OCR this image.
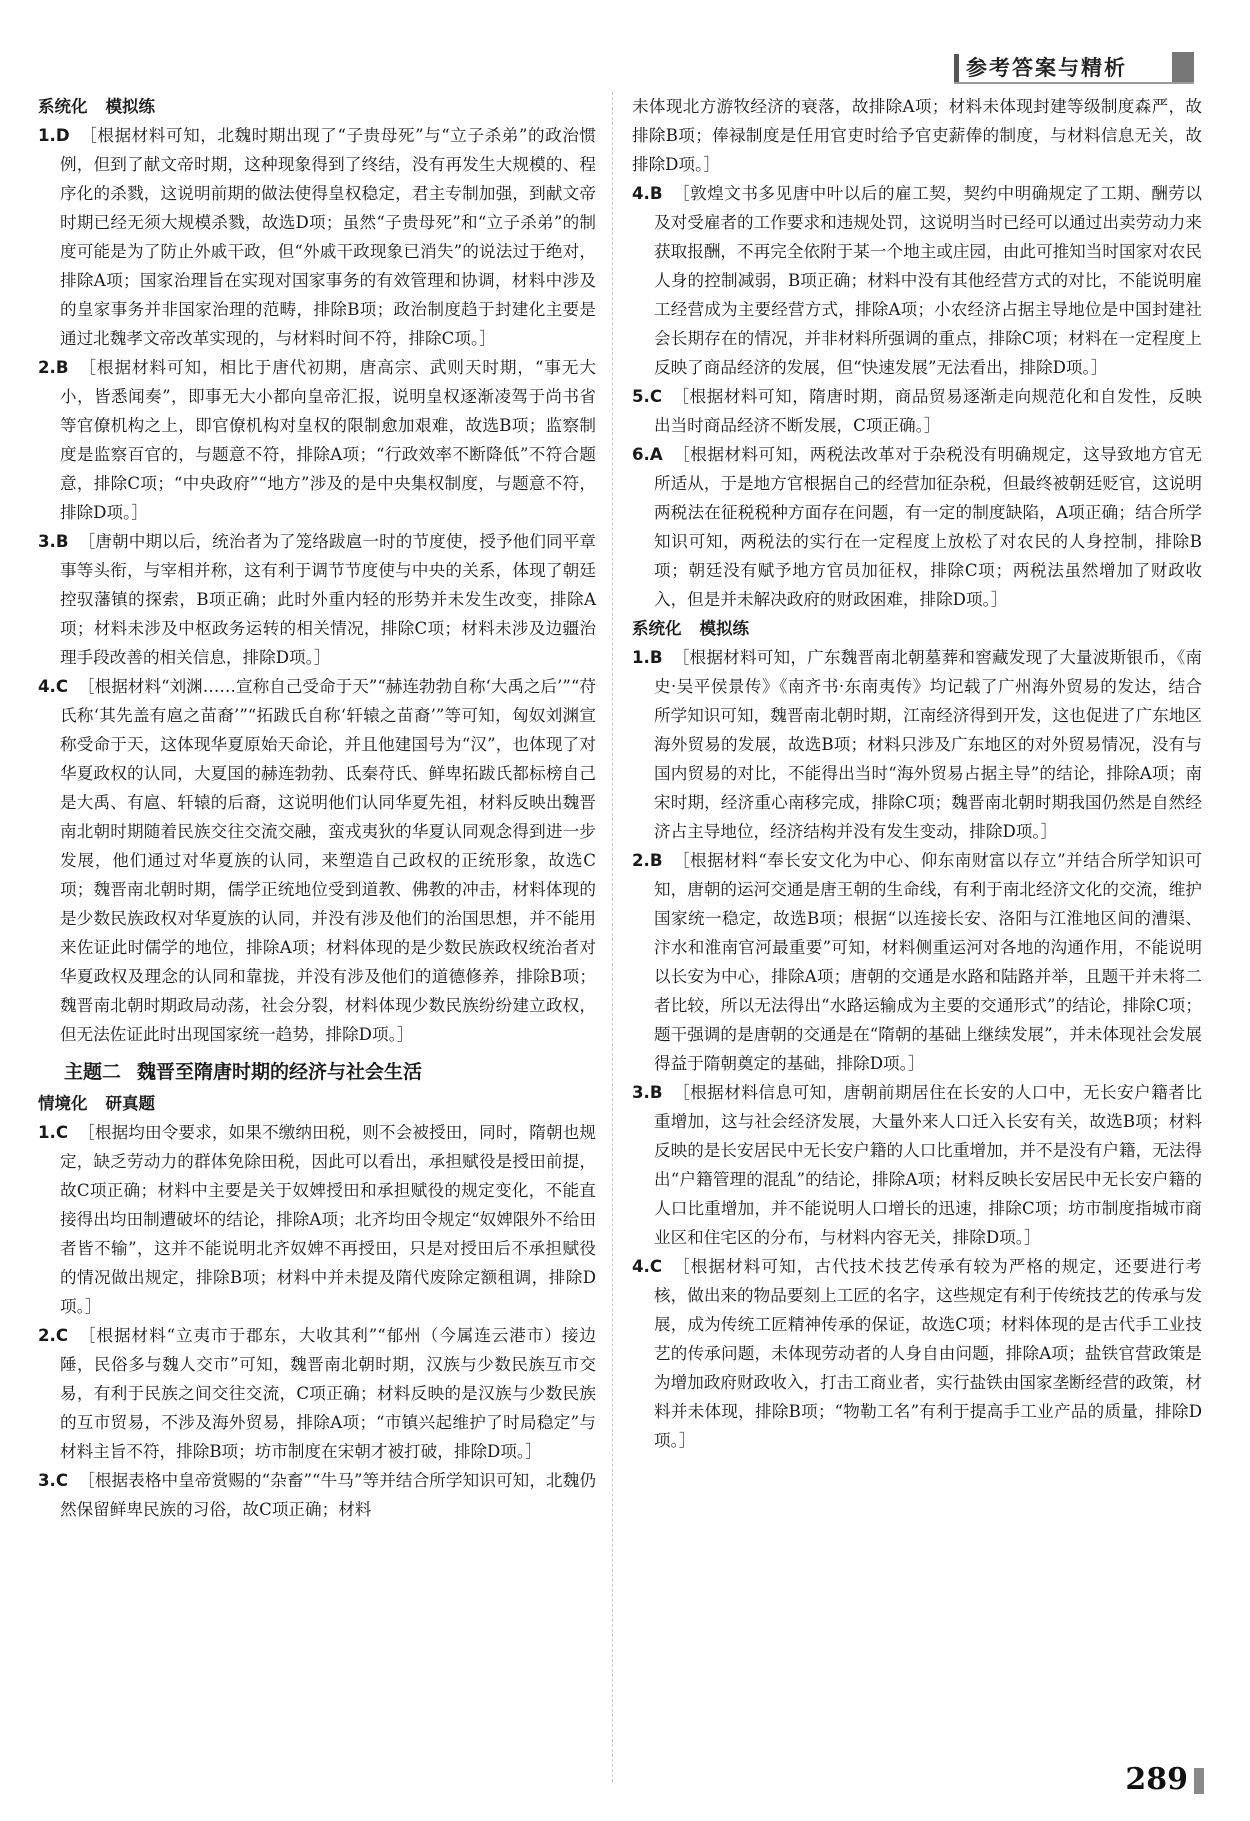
参考答案与精析
系统化 模拟练
1.D ［根据材料可知，北魏时期出现了“子贵母死”与“立子杀弟”的政治惯例，但到了献文帝时期，这种现象得到了终结，没有再发生大规模的、程序化的杀戮，这说明前期的做法使得皇权稳定，君主专制加强，到献文帝时期已经无须大规模杀戮，故选D项；虽然“子贵母死”和“立子杀弟”的制度可能是为了防止外戚干政，但“外戚干政现象已消失”的说法过于绝对，排除A项；国家治理旨在实现对国家事务的有效管理和协调，材料中涉及的皇家事务并非国家治理的范畴，排除B项；政治制度趋于封建化主要是通过北魏孝文帝改革实现的，与材料时间不符，排除C项。］
2.B ［根据材料可知，相比于唐代初期，唐高宗、武则天时期，“事无大小，皆悉闻奏”，即事无大小都向皇帝汇报，说明皇权逐渐凌驾于尚书省等官僚机构之上，即官僚机构对皇权的限制愈加艰难，故选B项；监察制度是监察百官的，与题意不符，排除A项；“行政效率不断降低”不符合题意，排除C项；“中央政府”“地方”涉及的是中央集权制度，与题意不符，排除D项。］
3.B ［唐朝中期以后，统治者为了笼络跋扈一时的节度使，授予他们同平章事等头衔，与宰相并称，这有利于调节节度使与中央的关系，体现了朝廷控驭藩镇的探索，B项正确；此时外重内轻的形势并未发生改变，排除A项；材料未涉及中枢政务运转的相关情况，排除C项；材料未涉及边疆治理手段改善的相关信息，排除D项。］
4.C ［根据材料“刘渊……宣称自己受命于天”“赫连勃勃自称‘大禹之后’”“苻氏称‘其先盖有扈之苗裔’”“拓跋氏自称‘轩辕之苗裔’”等可知，匈奴刘渊宣称受命于天，这体现华夏原始天命论，并且他建国号为“汉”，也体现了对华夏政权的认同，大夏国的赫连勃勃、氐秦苻氏、鲜卑拓跋氏都标榜自己是大禹、有扈、轩辕的后裔，这说明他们认同华夏先祖，材料反映出魏晋南北朝时期随着民族交往交流交融，蛮戎夷狄的华夏认同观念得到进一步发展，他们通过对华夏族的认同，来塑造自己政权的正统形象，故选C项；魏晋南北朝时期，儒学正统地位受到道教、佛教的冲击，材料体现的是少数民族政权对华夏族的认同，并没有涉及他们的治国思想，并不能用来佐证此时儒学的地位，排除A项；材料体现的是少数民族政权统治者对华夏政权及理念的认同和靠拢，并没有涉及他们的道德修养，排除B项；魏晋南北朝时期政局动荡，社会分裂，材料体现少数民族纷纷建立政权，但无法佐证此时出现国家统一趋势，排除D项。］
主题二 魏晋至隋唐时期的经济与社会生活
情境化 研真题
1.C ［根据均田令要求，如果不缴纳田税，则不会被授田，同时，隋朝也规定，缺乏劳动力的群体免除田税，因此可以看出，承担赋役是授田前提，故C项正确；材料中主要是关于奴婢授田和承担赋役的规定变化，不能直接得出均田制遭破坏的结论，排除A项；北齐均田令规定“奴婢限外不给田者皆不输”，这并不能说明北齐奴婢不再授田，只是对授田后不承担赋役的情况做出规定，排除B项；材料中并未提及隋代废除定额租调，排除D项。］
2.C ［根据材料“立夷市于郡东，大收其利”“郁州（今属连云港市）接边陲，民俗多与魏人交市”可知，魏晋南北朝时期，汉族与少数民族互市交易，有利于民族之间交往交流，C项正确；材料反映的是汉族与少数民族的互市贸易，不涉及海外贸易，排除A项；“市镇兴起维护了时局稳定”与材料主旨不符，排除B项；坊市制度在宋朝才被打破，排除D项。］
3.C ［根据表格中皇帝赏赐的“杂畜”“牛马”等并结合所学知识可知，北魏仍然保留鲜卑民族的习俗，故C项正确；材料
未体现北方游牧经济的衰落，故排除A项；材料未体现封建等级制度森严，故排除B项；俸禄制度是任用官吏时给予官吏薪俸的制度，与材料信息无关，故排除D项。］
4.B ［敦煌文书多见唐中叶以后的雇工契，契约中明确规定了工期、酬劳以及对受雇者的工作要求和违规处罚，这说明当时已经可以通过出卖劳动力来获取报酬，不再完全依附于某一个地主或庄园，由此可推知当时国家对农民人身的控制减弱，B项正确；材料中没有其他经营方式的对比，不能说明雇工经营成为主要经营方式，排除A项；小农经济占据主导地位是中国封建社会长期存在的情况，并非材料所强调的重点，排除C项；材料在一定程度上反映了商品经济的发展，但“快速发展”无法看出，排除D项。］
5.C ［根据材料可知，隋唐时期，商品贸易逐渐走向规范化和自发性，反映出当时商品经济不断发展，C项正确。］
6.A ［根据材料可知，两税法改革对于杂税没有明确规定，这导致地方官无所适从，于是地方官根据自己的经营加征杂税，但最终被朝廷贬官，这说明两税法在征税税种方面存在问题，有一定的制度缺陷，A项正确；结合所学知识可知，两税法的实行在一定程度上放松了对农民的人身控制，排除B项；朝廷没有赋予地方官员加征权，排除C项；两税法虽然增加了财政收入，但是并未解决政府的财政困难，排除D项。］
系统化 模拟练
1.B ［根据材料可知，广东魏晋南北朝墓葬和窖藏发现了大量波斯银币，《南史·吴平侯景传》《南齐书·东南夷传》均记载了广州海外贸易的发达，结合所学知识可知，魏晋南北朝时期，江南经济得到开发，这也促进了广东地区海外贸易的发展，故选B项；材料只涉及广东地区的对外贸易情况，没有与国内贸易的对比，不能得出当时“海外贸易占据主导”的结论，排除A项；南宋时期，经济重心南移完成，排除C项；魏晋南北朝时期我国仍然是自然经济占主导地位，经济结构并没有发生变动，排除D项。］
2.B ［根据材料“奉长安文化为中心、仰东南财富以存立”并结合所学知识可知，唐朝的运河交通是唐王朝的生命线，有利于南北经济文化的交流，维护国家统一稳定，故选B项；根据“以连接长安、洛阳与江淮地区间的漕渠、汴水和淮南官河最重要”可知，材料侧重运河对各地的沟通作用，不能说明以长安为中心，排除A项；唐朝的交通是水路和陆路并举，且题干并未将二者比较，所以无法得出“水路运输成为主要的交通形式”的结论，排除C项；题干强调的是唐朝的交通是在“隋朝的基础上继续发展”，并未体现社会发展得益于隋朝奠定的基础，排除D项。］
3.B ［根据材料信息可知，唐朝前期居住在长安的人口中，无长安户籍者比重增加，这与社会经济发展，大量外来人口迁入长安有关，故选B项；材料反映的是长安居民中无长安户籍的人口比重增加，并不是没有户籍，无法得出“户籍管理的混乱”的结论，排除A项；材料反映长安居民中无长安户籍的人口比重增加，并不能说明人口增长的迅速，排除C项；坊市制度指城市商业区和住宅区的分布，与材料内容无关，排除D项。］
4.C ［根据材料可知，古代技术技艺传承有较为严格的规定，还要进行考核，做出来的物品要刻上工匠的名字，这些规定有利于传统技艺的传承与发展，成为传统工匠精神传承的保证，故选C项；材料体现的是古代手工业技艺的传承问题，未体现劳动者的人身自由问题，排除A项；盐铁官营政策是为增加政府财政收入，打击工商业者，实行盐铁由国家垄断经营的政策，材料并未体现，排除B项；“物勒工名”有利于提高手工业产品的质量，排除D项。］
289
